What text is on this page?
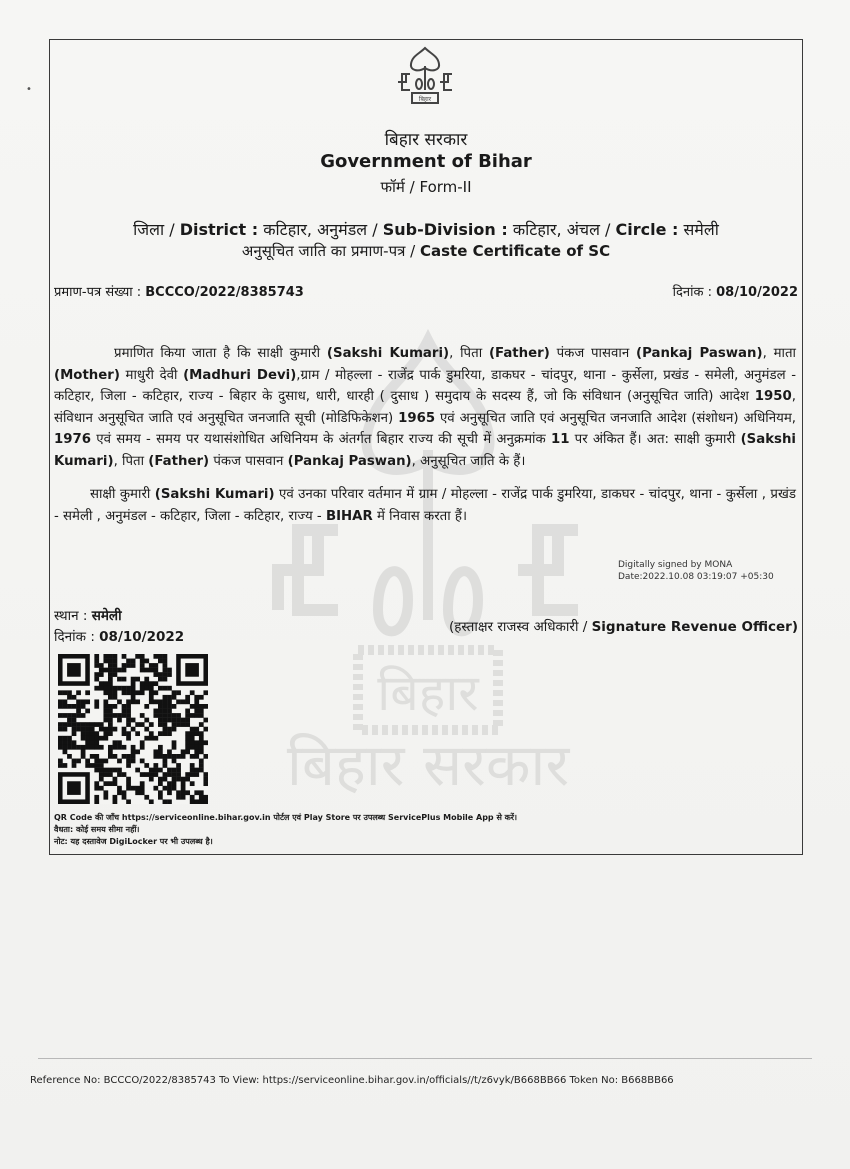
बिहार
बिहार सरकार
बिहार
बिहार सरकार
Government of Bihar
फॉर्म / Form-II
जिला / District : कटिहार, अनुमंडल / Sub-Division : कटिहार, अंचल / Circle : समेली
अनुसूचित जाति का प्रमाण-पत्र / Caste Certificate of SC
प्रमाण-पत्र संख्या : BCCCO/2022/8385743	दिनांक : 08/10/2022
प्रमाणित किया जाता है कि साक्षी कुमारी (Sakshi Kumari), पिता (Father) पंकज पासवान (Pankaj Paswan), माता (Mother) माधुरी देवी (Madhuri Devi),ग्राम / मोहल्ला - राजेंद्र पार्क डुमरिया, डाकघर - चांदपुर, थाना - कुर्सेला, प्रखंड - समेली, अनुमंडल - कटिहार, जिला - कटिहार, राज्य - बिहार के दुसाध, धारी, धारही ( दुसाध ) समुदाय के सदस्य हैं, जो कि संविधान (अनुसूचित जाति) आदेश 1950, संविधान अनुसूचित जाति एवं अनुसूचित जनजाति सूची (मोडिफिकेशन) 1965 एवं अनुसूचित जाति एवं अनुसूचित जनजाति आदेश (संशोधन) अधिनियम, 1976 एवं समय - समय पर यथासंशोधित अधिनियम के अंतर्गत बिहार राज्य की सूची में अनुक्रमांक 11 पर अंकित हैं। अत: साक्षी कुमारी (Sakshi Kumari), पिता (Father) पंकज पासवान (Pankaj Paswan), अनुसूचित जाति के हैं।
साक्षी कुमारी (Sakshi Kumari) एवं उनका परिवार वर्तमान में ग्राम / मोहल्ला - राजेंद्र पार्क डुमरिया, डाकघर - चांदपुर, थाना - कुर्सेला , प्रखंड - समेली , अनुमंडल - कटिहार, जिला - कटिहार, राज्य - BIHAR में निवास करता हैं।
Digitally signed by MONA
Date:2022.10.08 03:19:07 +05:30
स्थान : समेली
दिनांक : 08/10/2022
(हस्ताक्षर राजस्व अधिकारी / Signature Revenue Officer)
QR Code की जाँच https://serviceonline.bihar.gov.in पोर्टल एवं Play Store पर उपलब्ध ServicePlus Mobile App से करें।
वैधता: कोई समय सीमा नहीं।
नोट: यह दस्तावेज DigiLocker पर भी उपलब्ध है।
Reference No: BCCCO/2022/8385743 To View: https://serviceonline.bihar.gov.in/officials//t/z6vyk/B668BB66 Token No: B668BB66
•
